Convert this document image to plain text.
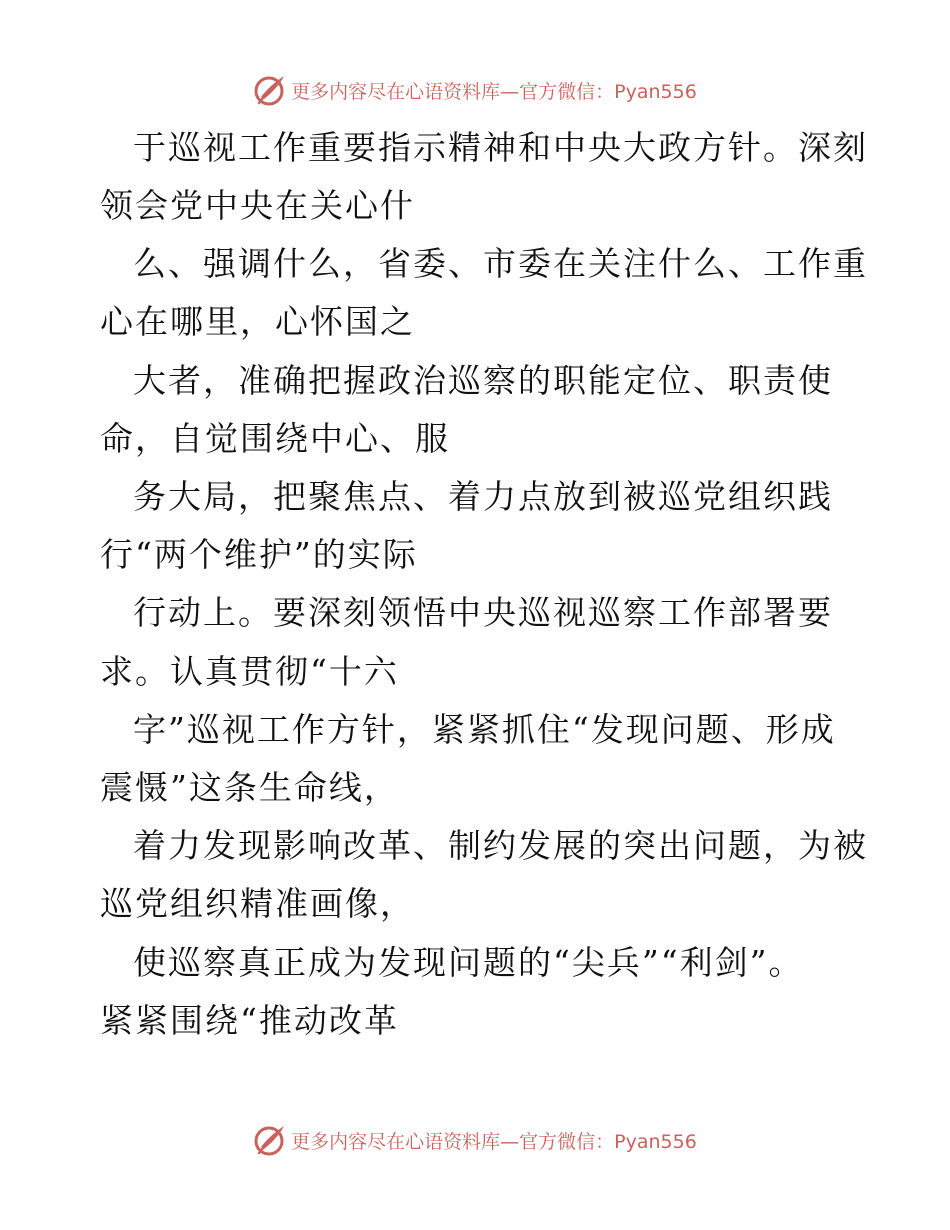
更多内容尽在心语资料库—官方微信：Pyan556
于巡视工作重要指示精神和中央大政方针。深刻
领会党中央在关心什
么、强调什么，省委、市委在关注什么、工作重
心在哪里，心怀国之
大者，准确把握政治巡察的职能定位、职责使
命，自觉围绕中心、服
务大局，把聚焦点、着力点放到被巡党组织践
行“两个维护”的实际
行动上。要深刻领悟中央巡视巡察工作部署要
求。认真贯彻“十六
字”巡视工作方针，紧紧抓住“发现问题、形成
震慑”这条生命线，
着力发现影响改革、制约发展的突出问题，为被
巡党组织精准画像，
使巡察真正成为发现问题的“尖兵”“利剑”。
紧紧围绕“推动改革
更多内容尽在心语资料库—官方微信：Pyan556
